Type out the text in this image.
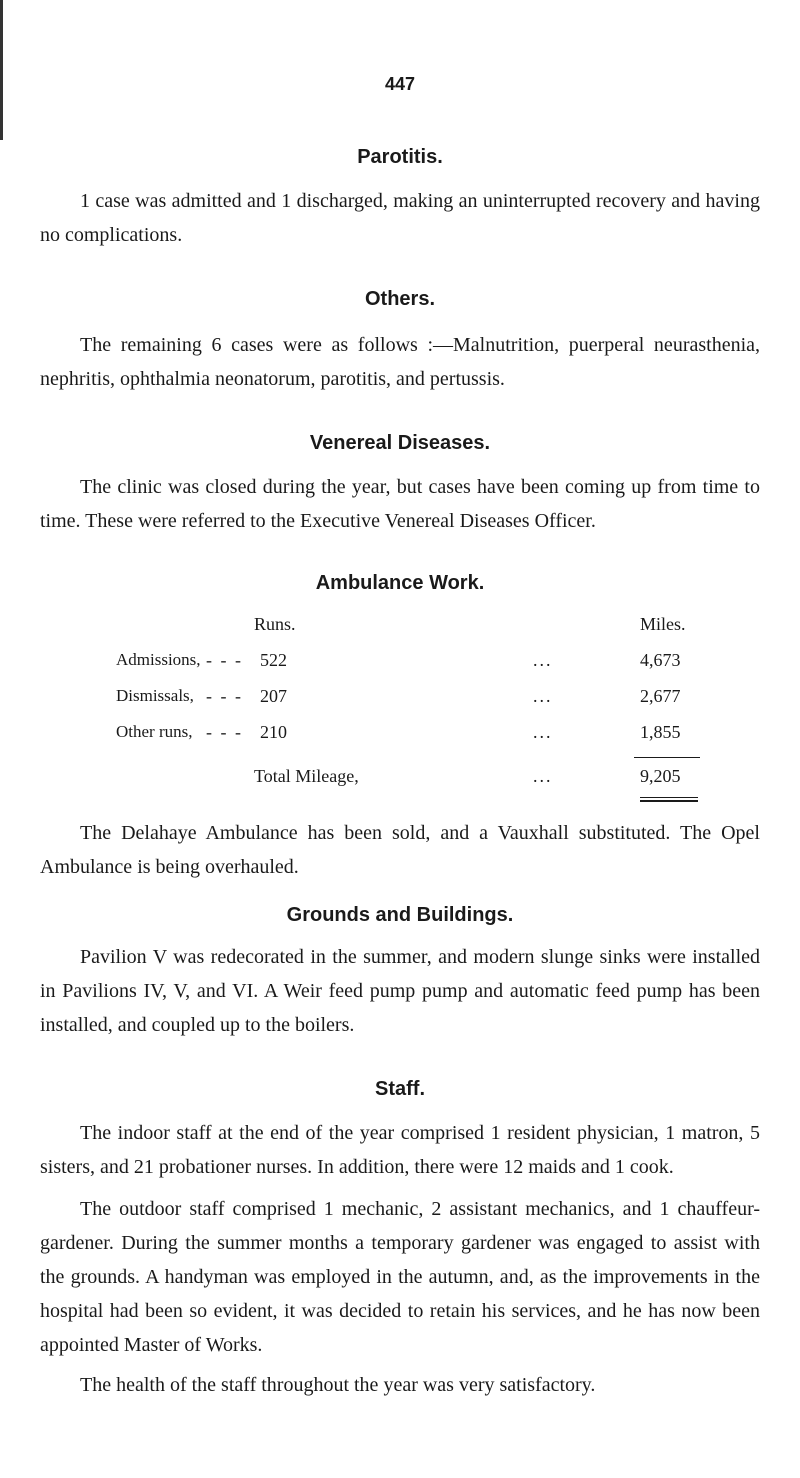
447
Parotitis.

1 case was admitted and 1 discharged, making an uninterrupted recovery and having no complications.

Others.

The remaining 6 cases were as follows :—Malnutrition, puerperal neurasthenia, nephritis, ophthalmia neonatorum, parotitis, and pertussis.

Venereal Diseases.

The clinic was closed during the year, but cases have been coming up from time to time. These were referred to the Executive Venereal Diseases Officer.

Ambulance Work.
Runs.	Miles.
Admissions, - - - 522	...	4,673
Dismissals, - - - 207	...	2,677
Other runs, - - - 210	...	1,855
Total Mileage,	...	9,205

The Delahaye Ambulance has been sold, and a Vauxhall substituted. The Opel Ambulance is being overhauled.

Grounds and Buildings.

Pavilion V was redecorated in the summer, and modern slunge sinks were installed in Pavilions IV, V, and VI. A Weir feed pump pump and automatic feed pump has been installed, and coupled up to the boilers.

Staff.

The indoor staff at the end of the year comprised 1 resident physician, 1 matron, 5 sisters, and 21 probationer nurses. In addition, there were 12 maids and 1 cook.

The outdoor staff comprised 1 mechanic, 2 assistant mechanics, and 1 chauffeur-gardener. During the summer months a temporary gardener was engaged to assist with the grounds. A handyman was employed in the autumn, and, as the improvements in the hospital had been so evident, it was decided to retain his services, and he has now been appointed Master of Works.

The health of the staff throughout the year was very satisfactory.
